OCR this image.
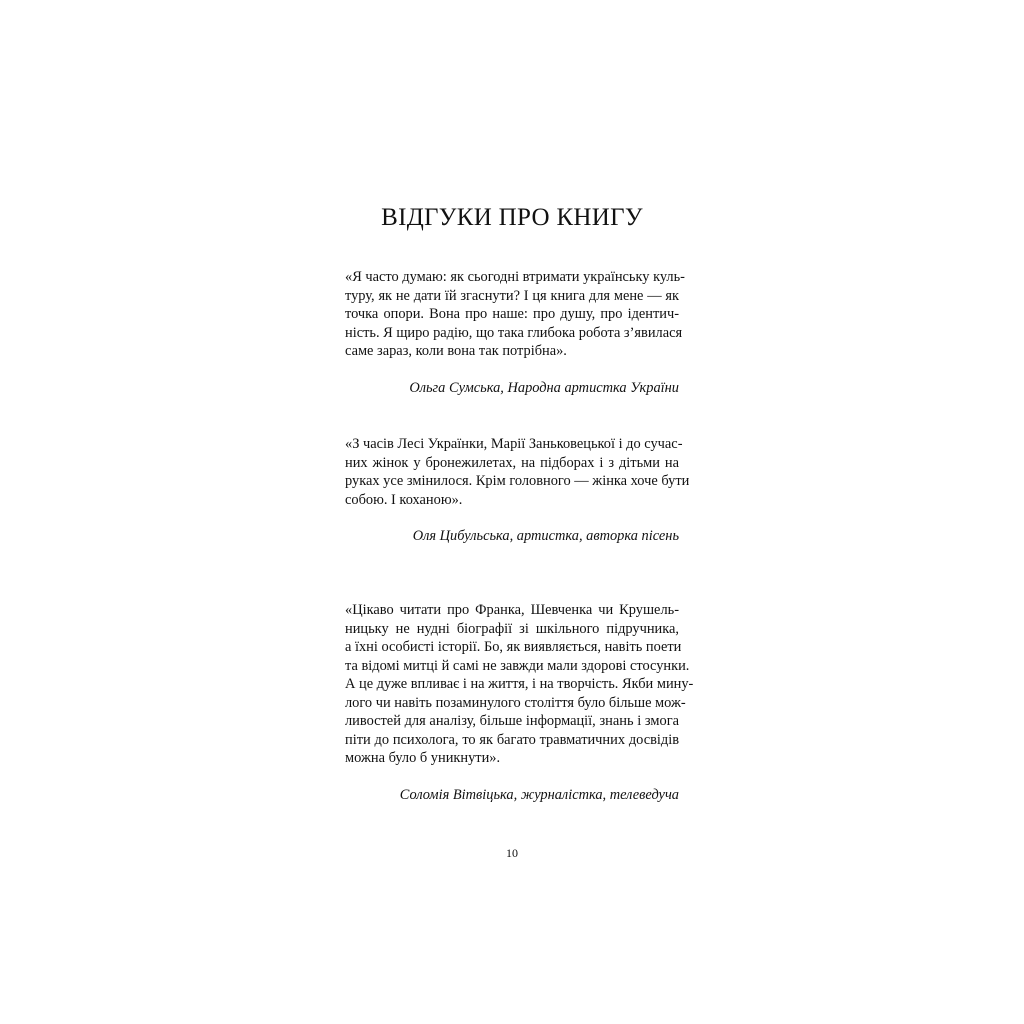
ВІДГУКИ ПРО КНИГУ

«Я часто думаю: як сьогодні втримати українську куль-
туру, як не дати їй згаснути? І ця книга для мене — як
точка опори. Вона про наше: про душу, про ідентич-
ність. Я щиро радію, що така глибока робота з’явилася
саме зараз, коли вона так потрібна».

Ольга Сумська, Народна артистка України

«З часів Лесі Українки, Марії Заньковецької і до сучас-
них жінок у бронежилетах, на підборах і з дітьми на
руках усе змінилося. Крім головного — жінка хоче бути
собою. І коханою».

Оля Цибульська, артистка, авторка пісень

«Цікаво читати про Франка, Шевченка чи Крушель-
ницьку не нудні біографії зі шкільного підручника,
а їхні особисті історії. Бо, як виявляється, навіть поети
та відомі митці й самі не завжди мали здорові стосунки.
А це дуже впливає і на життя, і на творчість. Якби мину-
лого чи навіть позаминулого століття було більше мож-
ливостей для аналізу, більше інформації, знань і змога
піти до психолога, то як багато травматичних досвідів
можна було б уникнути».

Соломія Вітвіцька, журналістка, телеведуча

10
